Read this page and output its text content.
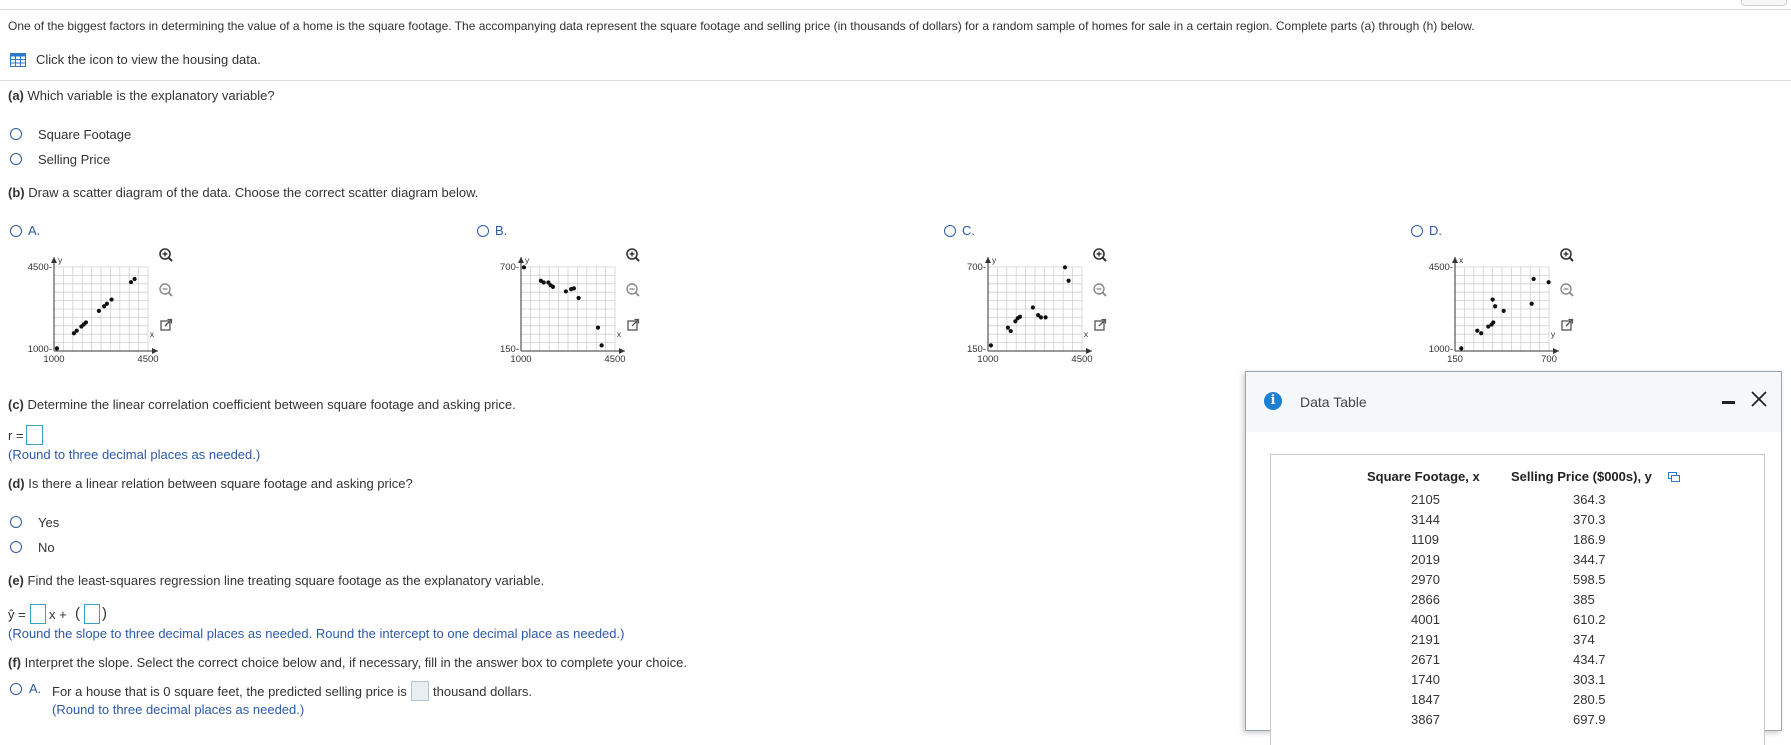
One of the biggest factors in determining the value of a home is the square footage. The accompanying data represent the square footage and selling price (in thousands of dollars) for a random sample of homes for sale in a certain region. Complete parts (a) through (h) below.
Click the icon to view the housing data.
(a) Which variable is the explanatory variable?
Square Footage
Selling Price
(b) Draw a scatter diagram of the data. Choose the correct scatter diagram below.
A.
4500-
1000-
1000	4500
y
x
B.
700-
150-
1000	4500
y
x
C.
700-
150-
1000	4500
y
x
D.
4500-
1000-
150	700
x
y
(c) Determine the linear correlation coefficient between square footage and asking price.
r =
(Round to three decimal places as needed.)
(d) Is there a linear relation between square footage and asking price?
Yes
No
(e) Find the least-squares regression line treating square footage as the explanatory variable.
ŷ = x + ( )
(Round the slope to three decimal places as needed. Round the intercept to one decimal place as needed.)
(f) Interpret the slope. Select the correct choice below and, if necessary, fill in the answer box to complete your choice.
A. For a house that is 0 square feet, the predicted selling price is thousand dollars.
(Round to three decimal places as needed.)
i	Data Table
Square Footage, x Selling Price ($000s), y
2105	364.3
3144	370.3
1109	186.9
2019	344.7
2970	598.5
2866	385
4001	610.2
2191	374
2671	434.7
1740	303.1
1847	280.5
3867	697.9
